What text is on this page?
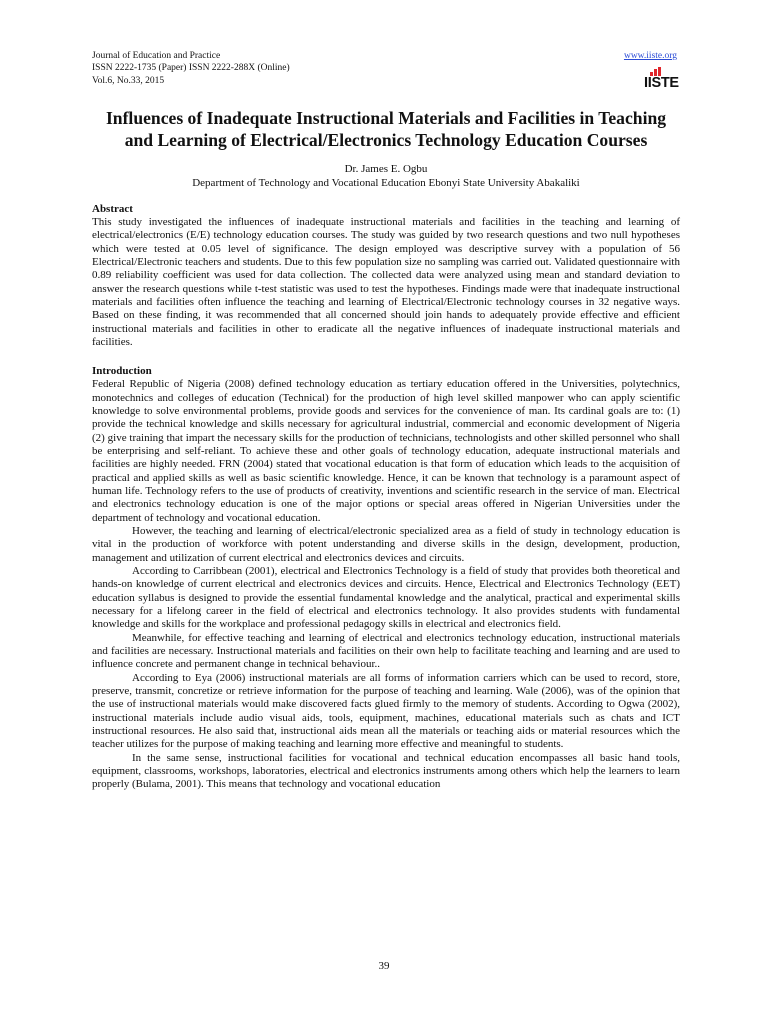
Journal of Education and Practice
ISSN 2222-1735 (Paper) ISSN 2222-288X (Online)
Vol.6, No.33, 2015
www.iiste.org
IISTE
Influences of Inadequate Instructional Materials and Facilities in Teaching and Learning of Electrical/Electronics Technology Education Courses
Dr. James E. Ogbu
Department of Technology and Vocational Education Ebonyi State University Abakaliki
Abstract

This study investigated the influences of inadequate instructional materials and facilities in the teaching and learning of electrical/electronics (E/E) technology education courses. The study was guided by two research questions and two null hypotheses which were tested at 0.05 level of significance. The design employed was descriptive survey with a population of 56 Electrical/Electronic teachers and students. Due to this few population size no sampling was carried out. Validated questionnaire with 0.89 reliability coefficient was used for data collection. The collected data were analyzed using mean and standard deviation to answer the research questions while t-test statistic was used to test the hypotheses. Findings made were that inadequate instructional materials and facilities often influence the teaching and learning of Electrical/Electronic technology courses in 32 negative ways. Based on these finding, it was recommended that all concerned should join hands to adequately provide effective and efficient instructional materials and facilities in other to eradicate all the negative influences of inadequate instructional materials and facilities.

Introduction

Federal Republic of Nigeria (2008) defined technology education as tertiary education offered in the Universities, polytechnics, monotechnics and colleges of education (Technical) for the production of high level skilled manpower who can apply scientific knowledge to solve environmental problems, provide goods and services for the convenience of man. Its cardinal goals are to: (1) provide the technical knowledge and skills necessary for agricultural industrial, commercial and economic development of Nigeria (2) give training that impart the necessary skills for the production of technicians, technologists and other skilled personnel who shall be enterprising and self-reliant. To achieve these and other goals of technology education, adequate instructional materials and facilities are highly needed. FRN (2004) stated that vocational education is that form of education which leads to the acquisition of practical and applied skills as well as basic scientific knowledge. Hence, it can be known that technology is a paramount aspect of human life. Technology refers to the use of products of creativity, inventions and scientific research in the service of man. Electrical and electronics technology education is one of the major options or special areas offered in Nigerian Universities under the department of technology and vocational education.

However, the teaching and learning of electrical/electronic specialized area as a field of study in technology education is vital in the production of workforce with potent understanding and diverse skills in the design, development, production, management and utilization of current electrical and electronics devices and circuits.

According to Carribbean (2001), electrical and Electronics Technology is a field of study that provides both theoretical and hands-on knowledge of current electrical and electronics devices and circuits. Hence, Electrical and Electronics Technology (EET) education syllabus is designed to provide the essential fundamental knowledge and the analytical, practical and experimental skills necessary for a lifelong career in the field of electrical and electronics technology. It also provides students with fundamental knowledge and skills for the workplace and professional pedagogy skills in electrical and electronics field.

Meanwhile, for effective teaching and learning of electrical and electronics technology education, instructional materials and facilities are necessary. Instructional materials and facilities on their own help to facilitate teaching and learning and are used to influence concrete and permanent change in technical behaviour..

According to Eya (2006) instructional materials are all forms of information carriers which can be used to record, store, preserve, transmit, concretize or retrieve information for the purpose of teaching and learning. Wale (2006), was of the opinion that the use of instructional materials would make discovered facts glued firmly to the memory of students. According to Ogwa (2002), instructional materials include audio visual aids, tools, equipment, machines, educational materials such as chats and ICT instructional resources. He also said that, instructional aids mean all the materials or teaching aids or material resources which the teacher utilizes for the purpose of making teaching and learning more effective and meaningful to students.

In the same sense, instructional facilities for vocational and technical education encompasses all basic hand tools, equipment, classrooms, workshops, laboratories, electrical and electronics instruments among others which help the learners to learn properly (Bulama, 2001). This means that technology and vocational education

39
